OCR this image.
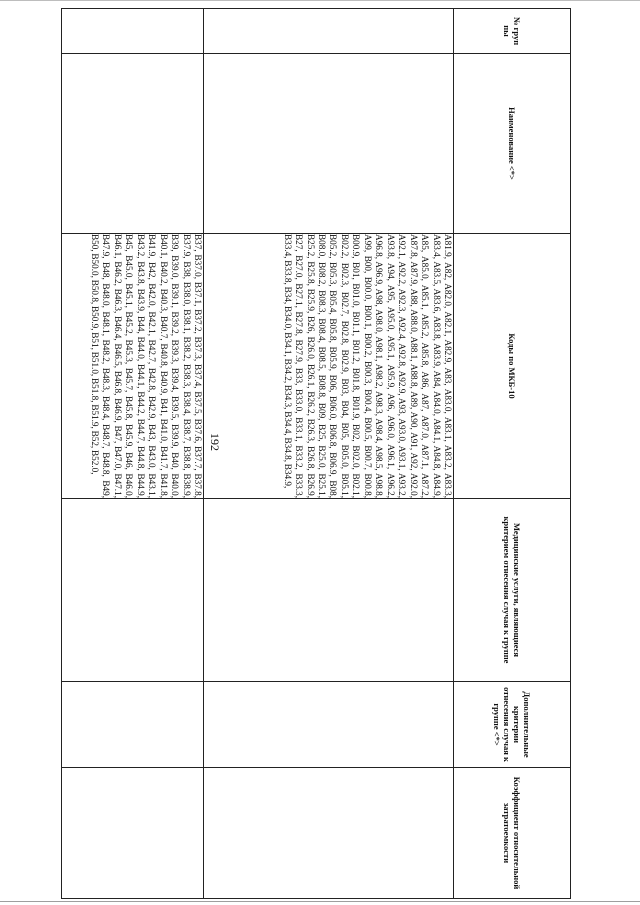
192
№ груп пы	Наименование <*>	Коды по МКБ-10	Медицинские услуги, являющиеся критерием отнесения случая к группе	Дополнительные критерии отнесения случая к группе <*>	Коэффициент относительной затратоемкости
		A81.9, A82, A82.0, A82.1, A82.9, A83, A83.0, A83.1, A83.2, A83.3, A83.4, A83.5, A83.6, A83.8, A83.9, A84, A84.0, A84.1, A84.8, A84.9, A85, A85.0, A85.1, A85.2, A85.8, A86, A87, A87.0, A87.1, A87.2, A87.8, A87.9, A88, A88.0, A88.1, A88.8, A89, A90, A91, A92, A92.0, A92.1, A92.2, A92.3, A92.4, A92.8, A92.9, A93, A93.0, A93.1, A93.2, A93.8, A94, A95, A95.0, A95.1, A95.9, A96, A96.0, A96.1, A96.2, A96.8, A96.9, A98, A98.0, A98.1, A98.2, A98.3, A98.4, A98.5, A98.8, A99, B00, B00.0, B00.1, B00.2, B00.3, B00.4, B00.5, B00.7, B00.8, B00.9, B01, B01.0, B01.1, B01.2, B01.8, B01.9, B02, B02.0, B02.1, B02.2, B02.3, B02.7, B02.8, B02.9, B03, B04, B05, B05.0, B05.1, B05.2, B05.3, B05.4, B05.8, B05.9, B06, B06.0, B06.8, B06.9, B08, B08.0, B08.2, B08.3, B08.4, B08.5, B08.8, B09, B25, B25.0, B25.1, B25.2, B25.8, B25.9, B26, B26.0, B26.1, B26.2, B26.3, B26.8, B26.9, B27, B27.0, B27.1, B27.8, B27.9, B33, B33.0, B33.1, B33.2, B33.3, B33.4, B33.8, B34, B34.0, B34.1, B34.2, B34.3, B34.4, B34.8, B34.9,			
		B37, B37.0, B37.1, B37.2, B37.3, B37.4, B37.5, B37.6, B37.7, B37.8, B37.9, B38, B38.0, B38.1, B38.2, B38.3, B38.4, B38.7, B38.8, B38.9, B39, B39.0, B39.1, B39.2, B39.3, B39.4, B39.5, B39.9, B40, B40.0, B40.1, B40.2, B40.3, B40.7, B40.8, B40.9, B41, B41.0, B41.7, B41.8, B41.9, B42, B42.0, B42.1, B42.7, B42.8, B42.9, B43, B43.0, B43.1, B43.2, B43.8, B43.9, B44, B44.0, B44.1, B44.2, B44.7, B44.8, B44.9, B45, B45.0, B45.1, B45.2, B45.3, B45.7, B45.8, B45.9, B46, B46.0, B46.1, B46.2, B46.3, B46.4, B46.5, B46.8, B46.9, B47, B47.0, B47.1, B47.9, B48, B48.0, B48.1, B48.2, B48.3, B48.4, B48.7, B48.8, B49, B50, B50.0, B50.8, B50.9, B51, B51.0, B51.8, B51.9, B52, B52.0,			
